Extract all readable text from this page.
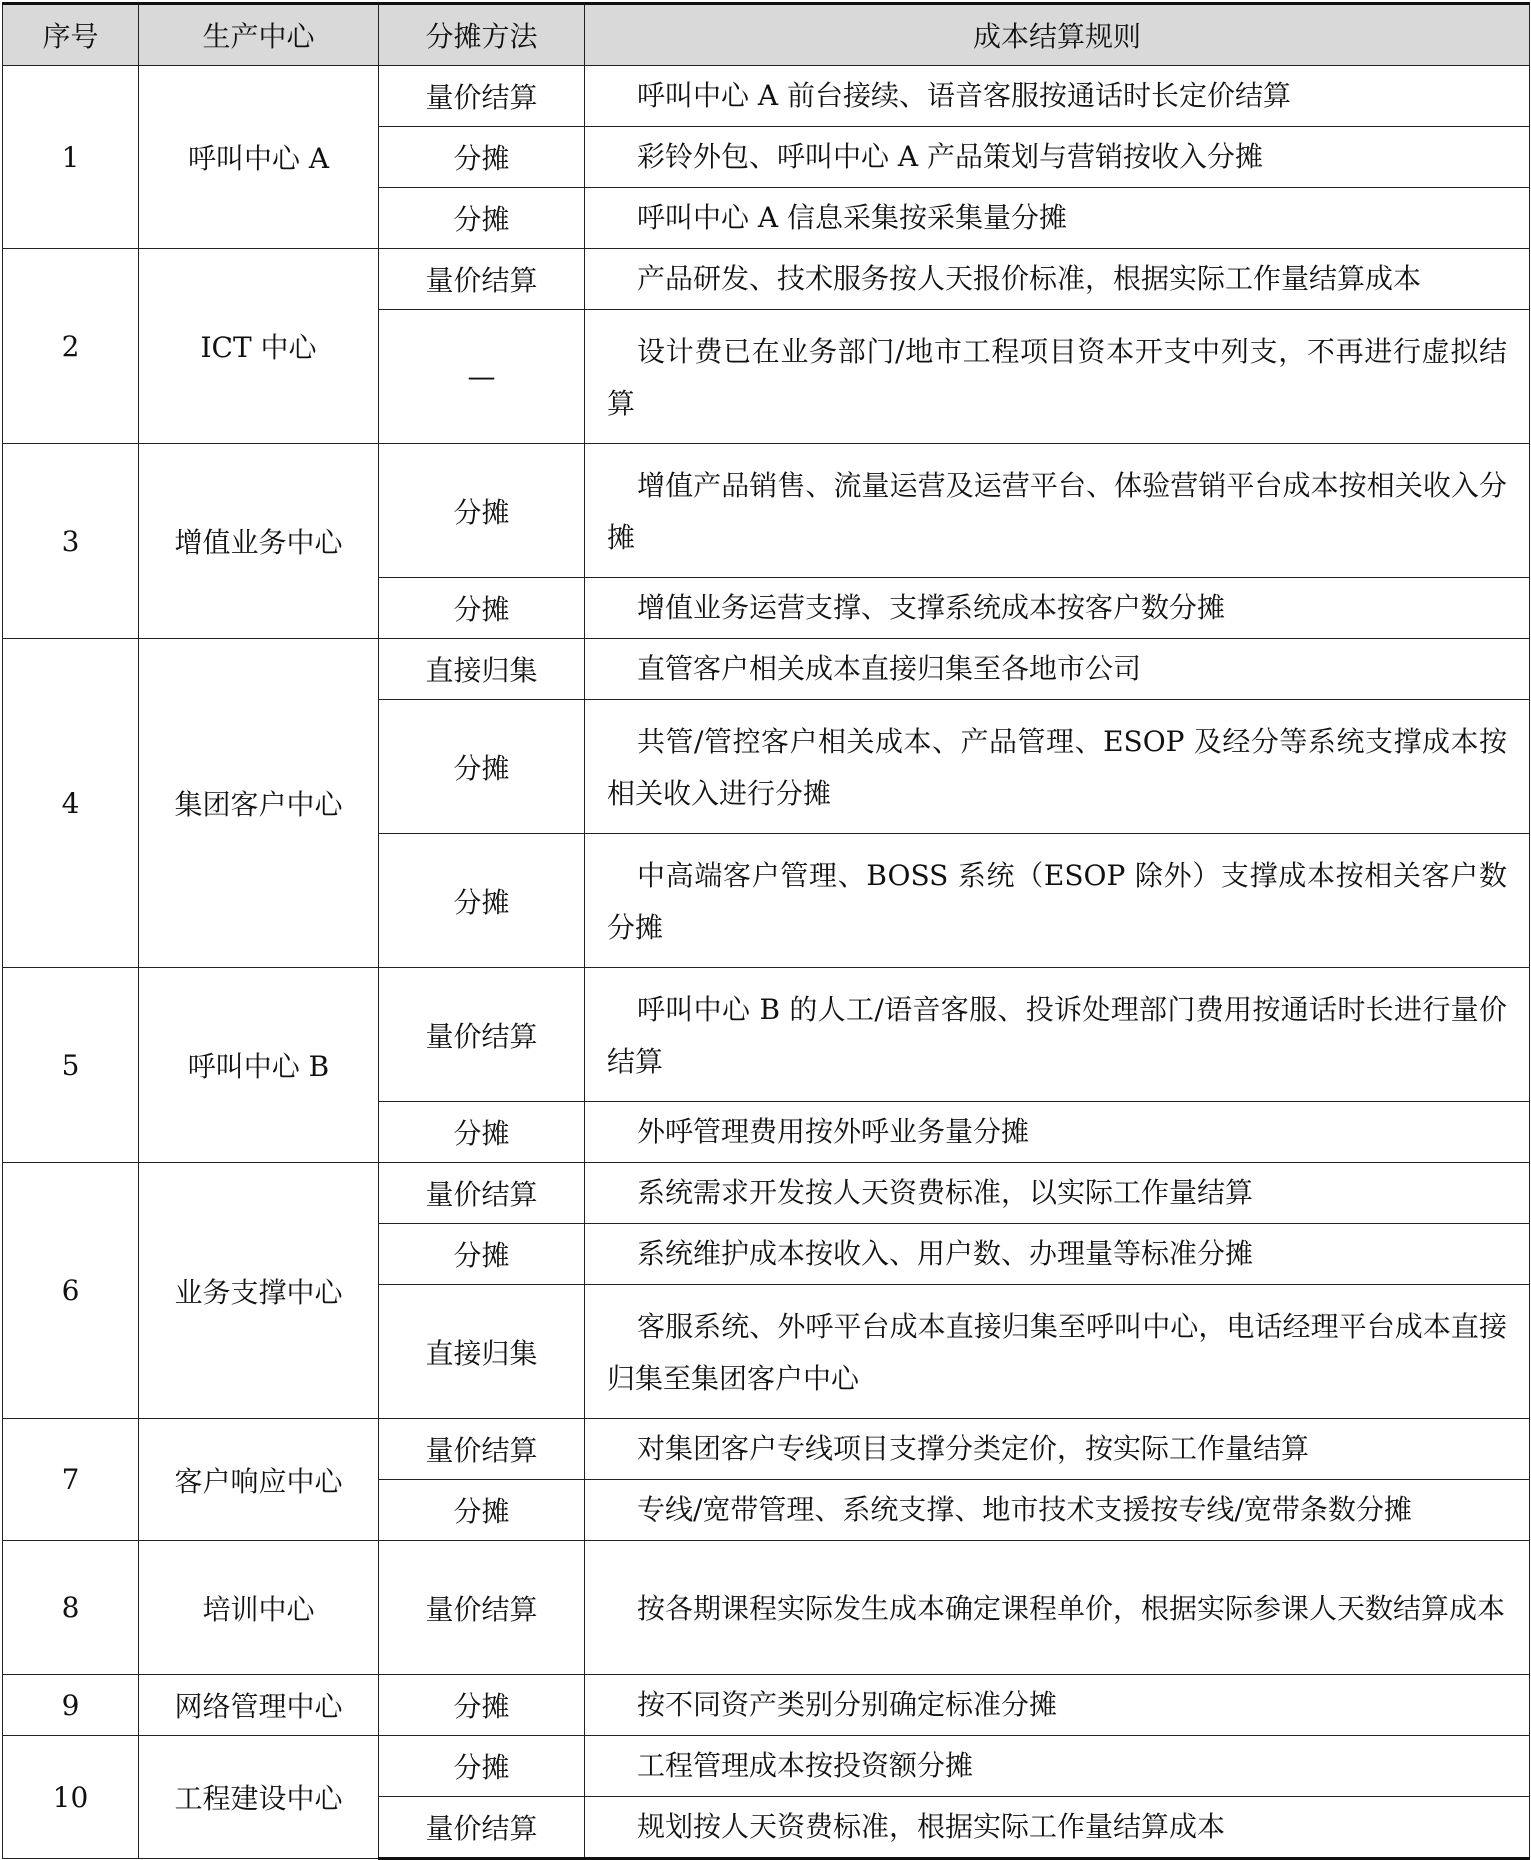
序号	生产中心	分摊方法	成本结算规则
1	呼叫中心 A	量价结算	呼叫中心 A 前台接续、语音客服按通话时长定价结算
		分摊	彩铃外包、呼叫中心 A 产品策划与营销按收入分摊
		分摊	呼叫中心 A 信息采集按采集量分摊
2	ICT 中心	量价结算	产品研发、技术服务按人天报价标准，根据实际工作量结算成本
		—	设计费已在业务部门/地市工程项目资本开支中列支，不再进行虚拟结算
3	增值业务中心	分摊	增值产品销售、流量运营及运营平台、体验营销平台成本按相关收入分摊
		分摊	增值业务运营支撑、支撑系统成本按客户数分摊
4	集团客户中心	直接归集	直管客户相关成本直接归集至各地市公司
		分摊	共管/管控客户相关成本、产品管理、ESOP 及经分等系统支撑成本按相关收入进行分摊
		分摊	中高端客户管理、BOSS 系统（ESOP 除外）支撑成本按相关客户数分摊
5	呼叫中心 B	量价结算	呼叫中心 B 的人工/语音客服、投诉处理部门费用按通话时长进行量价结算
		分摊	外呼管理费用按外呼业务量分摊
6	业务支撑中心	量价结算	系统需求开发按人天资费标准，以实际工作量结算
		分摊	系统维护成本按收入、用户数、办理量等标准分摊
		直接归集	客服系统、外呼平台成本直接归集至呼叫中心，电话经理平台成本直接归集至集团客户中心
7	客户响应中心	量价结算	对集团客户专线项目支撑分类定价，按实际工作量结算
		分摊	专线/宽带管理、系统支撑、地市技术支援按专线/宽带条数分摊
8	培训中心	量价结算	按各期课程实际发生成本确定课程单价，根据实际参课人天数结算成本
9	网络管理中心	分摊	按不同资产类别分别确定标准分摊
10	工程建设中心	分摊	工程管理成本按投资额分摊
		量价结算	规划按人天资费标准，根据实际工作量结算成本
